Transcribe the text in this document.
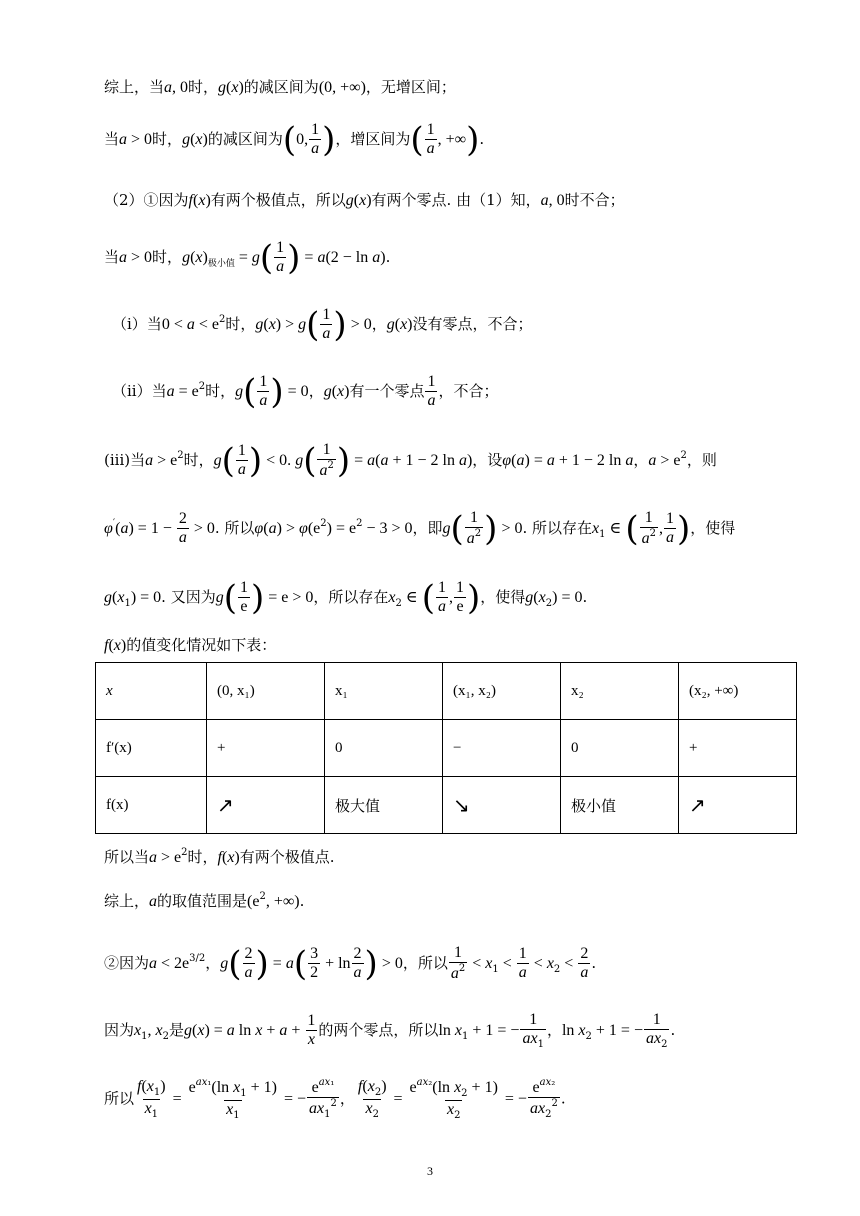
综上，当a, 0时，g(x)的减区间为(0, +∞)，无增区间；
当a > 0时，g(x)的减区间为(0, $\frac{1}{a}$ )，增区间为( $\frac{1}{a}$ , +∞).
（2）①因为f(x)有两个极值点，所以g(x)有两个零点. 由（1）知，a, 0时不合；
当a > 0时，$g(x)_{极小值} = g( \frac{1}{a}$ ) = a(2 − ln a).
（i）当$0 < a < e^2$时，$g(x) > g( \frac{1}{a}$ ) > 0，g(x)没有零点，不合；
（ii）当$a = e^2$时，$g( \frac{1}{a}$ ) = 0，g(x)有一个零点 $\frac{1}{a}$ ，不合；
(iii)当$a > e^2$时，$g( \frac{1}{a}$ ) < 0. $g( \frac{1}{a^2}$ ) = a(a + 1 − 2 ln a)，设φ(a) = a + 1 − 2 ln a，$a > e^2$，则
$\varphi'(a) = 1 - \frac{2}{a} > 0$. 所以$\varphi(a) > \varphi(e^2) = e^2 - 3 > 0$，即$g( \frac{1}{a^2}$ ) > 0. 所以存在$x_1$ ∈ ( $\frac{1}{a^2}$ , $\frac{1}{a}$ )，使得
$g(x_1) = 0$. 又因为$g( \frac{1}{e}$ ) = e > 0，所以存在$x_2$ ∈ ( $\frac{1}{a}$ , $\frac{1}{e}$ )，使得$g(x_2) = 0$.
f(x)的值变化情况如下表：
x	(0, x₁)	x₁	(x₁, x₂)	x₂	(x₂, +∞)
f′(x)	+	0	−	0	+
f(x)	↗	极大值	↘	极小值	↗
所以当$a > e^2$时，f(x)有两个极值点.
综上，a的取值范围是($e^2$, +∞).
②因为$a < 2e^{3/2}$，$g( \frac{2}{a}$ ) = $a( \frac{3}{2} + \ln \frac{2}{a}$ ) > 0，所以 $\frac{1}{a^2} < x_1 < \frac{1}{a} < x_2 < \frac{2}{a}$ .
因为$x_1$, $x_2$是g(x) = a $\ln x + a + \frac{1}{x}$ 的两个零点，所以$\ln x_1 + 1$ = − $\frac{1}{ax_1}$ ，$\ln x_2 + 1$ = − $\frac{1}{ax_2}$ .
所以 $\frac{f(x_1)}{x_1} = \frac{e^{ax_1}(\ln x_1 + 1)}{x_1}$ = − $\frac{e^{ax_1}}{ax_1^2}$ ， $\frac{f(x_2)}{x_2} = \frac{e^{ax_2}(\ln x_2 + 1)}{x_2}$ = − $\frac{e^{ax_2}}{ax_2^2}$ .
3
